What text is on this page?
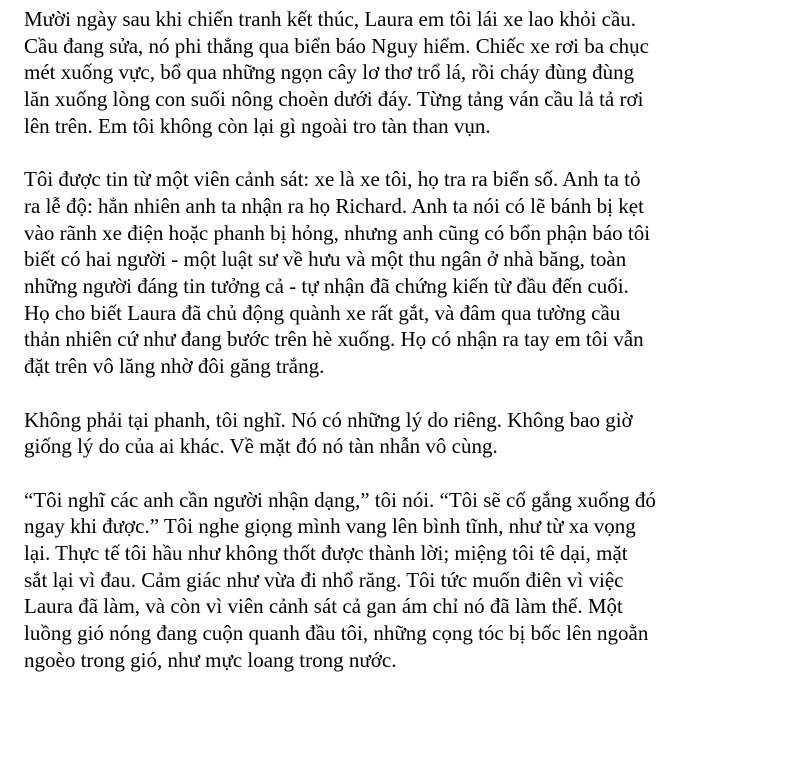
Mười ngày sau khi chiến tranh kết thúc, Laura em tôi lái xe lao khỏi cầu.
Cầu đang sửa, nó phi thẳng qua biển báo Nguy hiểm. Chiếc xe rơi ba chục
mét xuống vực, bổ qua những ngọn cây lơ thơ trổ lá, rồi cháy đùng đùng
lăn xuống lòng con suối nông choèn dưới đáy. Từng tảng ván cầu lả tả rơi
lên trên. Em tôi không còn lại gì ngoài tro tàn than vụn.

Tôi được tin từ một viên cảnh sát: xe là xe tôi, họ tra ra biển số. Anh ta tỏ
ra lễ độ: hẳn nhiên anh ta nhận ra họ Richard. Anh ta nói có lẽ bánh bị kẹt
vào rãnh xe điện hoặc phanh bị hỏng, nhưng anh cũng có bổn phận báo tôi
biết có hai người - một luật sư về hưu và một thu ngân ở nhà băng, toàn
những người đáng tin tưởng cả - tự nhận đã chứng kiến từ đầu đến cuối.
Họ cho biết Laura đã chủ động quành xe rất gắt, và đâm qua tường cầu
thản nhiên cứ như đang bước trên hè xuống. Họ có nhận ra tay em tôi vẫn
đặt trên vô lăng nhờ đôi găng trắng.

Không phải tại phanh, tôi nghĩ. Nó có những lý do riêng. Không bao giờ
giống lý do của ai khác. Về mặt đó nó tàn nhẫn vô cùng.

“Tôi nghĩ các anh cần người nhận dạng,” tôi nói. “Tôi sẽ cố gắng xuống đó
ngay khi được.” Tôi nghe giọng mình vang lên bình tĩnh, như từ xa vọng
lại. Thực tế tôi hầu như không thốt được thành lời; miệng tôi tê dại, mặt
sắt lại vì đau. Cảm giác như vừa đi nhổ răng. Tôi tức muốn điên vì việc
Laura đã làm, và còn vì viên cảnh sát cả gan ám chỉ nó đã làm thế. Một
luồng gió nóng đang cuộn quanh đầu tôi, những cọng tóc bị bốc lên ngoằn
ngoèo trong gió, như mực loang trong nước.
